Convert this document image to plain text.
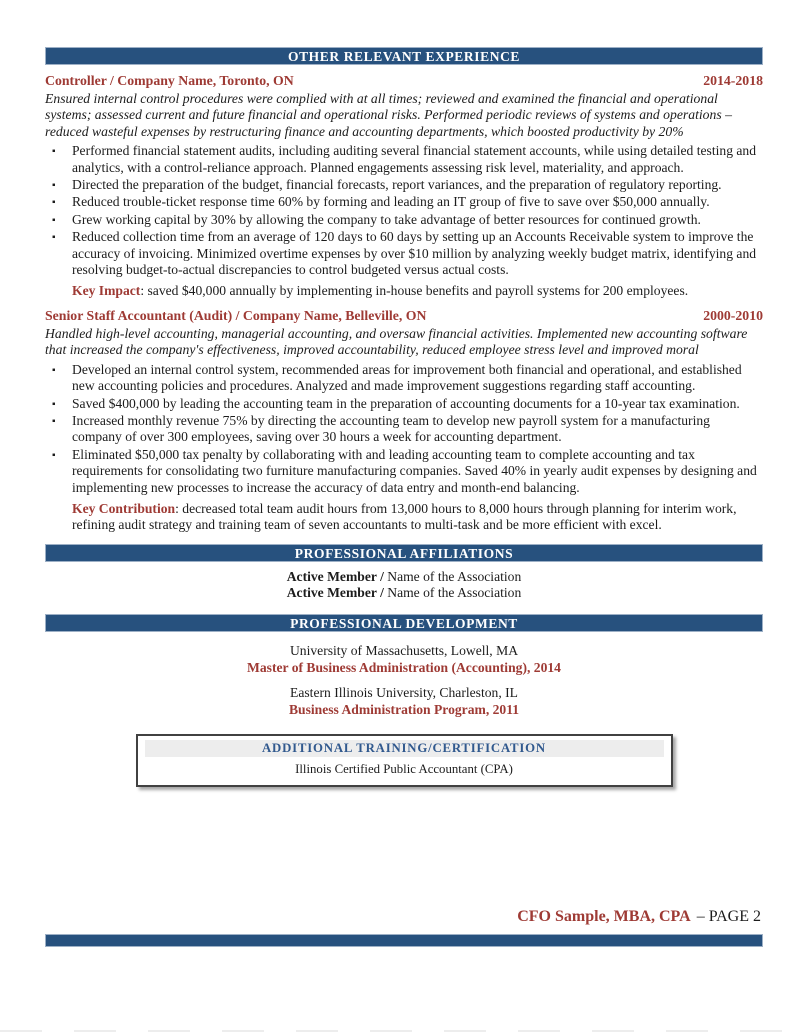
OTHER RELEVANT EXPERIENCE
Controller / Company Name, Toronto, ON	2014-2018
Ensured internal control procedures were complied with at all times; reviewed and examined the financial and operational systems; assessed current and future financial and operational risks. Performed periodic reviews of systems and operations – reduced wasteful expenses by restructuring finance and accounting departments, which boosted productivity by 20%
▪ Performed financial statement audits, including auditing several financial statement accounts, while using detailed testing and analytics, with a control-reliance approach. Planned engagements assessing risk level, materiality, and approach.
▪ Directed the preparation of the budget, financial forecasts, report variances, and the preparation of regulatory reporting.
▪ Reduced trouble-ticket response time 60% by forming and leading an IT group of five to save over $50,000 annually.
▪ Grew working capital by 30% by allowing the company to take advantage of better resources for continued growth.
▪ Reduced collection time from an average of 120 days to 60 days by setting up an Accounts Receivable system to improve the accuracy of invoicing. Minimized overtime expenses by over $10 million by analyzing weekly budget matrix, identifying and resolving budget-to-actual discrepancies to control budgeted versus actual costs.
Key Impact: saved $40,000 annually by implementing in-house benefits and payroll systems for 200 employees.
Senior Staff Accountant (Audit) / Company Name, Belleville, ON	2000-2010
Handled high-level accounting, managerial accounting, and oversaw financial activities. Implemented new accounting software that increased the company's effectiveness, improved accountability, reduced employee stress level and improved moral
▪ Developed an internal control system, recommended areas for improvement both financial and operational, and established new accounting policies and procedures. Analyzed and made improvement suggestions regarding staff accounting.
▪ Saved $400,000 by leading the accounting team in the preparation of accounting documents for a 10-year tax examination.
▪ Increased monthly revenue 75% by directing the accounting team to develop new payroll system for a manufacturing company of over 300 employees, saving over 30 hours a week for accounting department.
▪ Eliminated $50,000 tax penalty by collaborating with and leading accounting team to complete accounting and tax requirements for consolidating two furniture manufacturing companies. Saved 40% in yearly audit expenses by designing and implementing new processes to increase the accuracy of data entry and month-end balancing.
Key Contribution: decreased total team audit hours from 13,000 hours to 8,000 hours through planning for interim work, refining audit strategy and training team of seven accountants to multi-task and be more efficient with excel.
PROFESSIONAL AFFILIATIONS
Active Member / Name of the Association
Active Member / Name of the Association
PROFESSIONAL DEVELOPMENT
University of Massachusetts, Lowell, MA
Master of Business Administration (Accounting), 2014
Eastern Illinois University, Charleston, IL
Business Administration Program, 2011
ADDITIONAL TRAINING/CERTIFICATION
Illinois Certified Public Accountant (CPA)
CFO Sample, MBA, CPA – PAGE 2
